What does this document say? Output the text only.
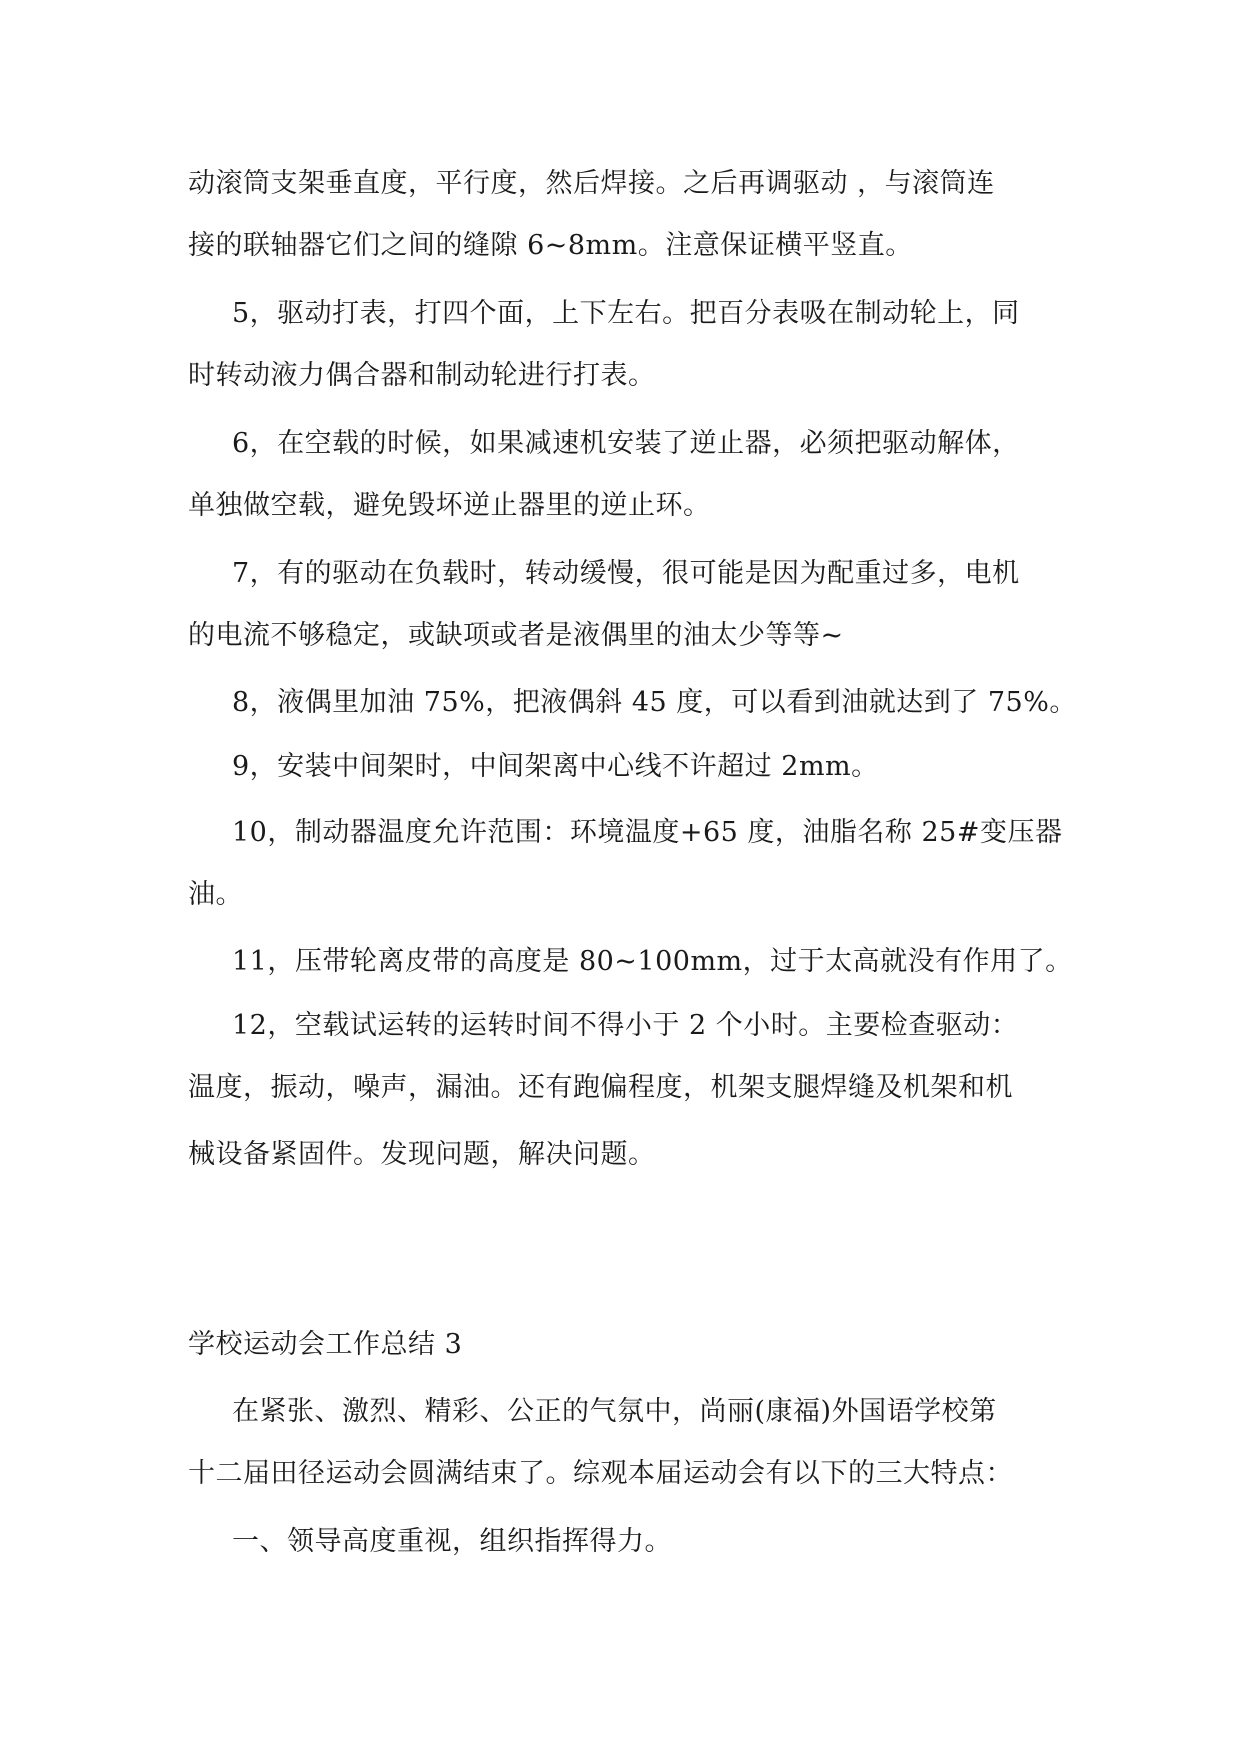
动滚筒支架垂直度，平行度，然后焊接。之后再调驱动 ，与滚筒连
接的联轴器它们之间的缝隙 6~8mm。注意保证横平竖直。
5，驱动打表，打四个面，上下左右。把百分表吸在制动轮上，同
时转动液力偶合器和制动轮进行打表。
6，在空载的时候，如果减速机安装了逆止器，必须把驱动解体，
单独做空载，避免毁坏逆止器里的逆止环。
7，有的驱动在负载时，转动缓慢，很可能是因为配重过多，电机
的电流不够稳定，或缺项或者是液偶里的油太少等等~
8，液偶里加油 75%，把液偶斜 45 度，可以看到油就达到了 75%。
9，安装中间架时，中间架离中心线不许超过 2mm。
10，制动器温度允许范围：环境温度+65 度，油脂名称 25#变压器
油。
11，压带轮离皮带的高度是 80~100mm，过于太高就没有作用了。
12，空载试运转的运转时间不得小于 2 个小时。主要检查驱动：
温度，振动，噪声，漏油。还有跑偏程度，机架支腿焊缝及机架和机
械设备紧固件。发现问题，解决问题。
学校运动会工作总结 3
在紧张、激烈、精彩、公正的气氛中，尚丽(康福)外国语学校第
十二届田径运动会圆满结束了。综观本届运动会有以下的三大特点：
一、领导高度重视，组织指挥得力。
